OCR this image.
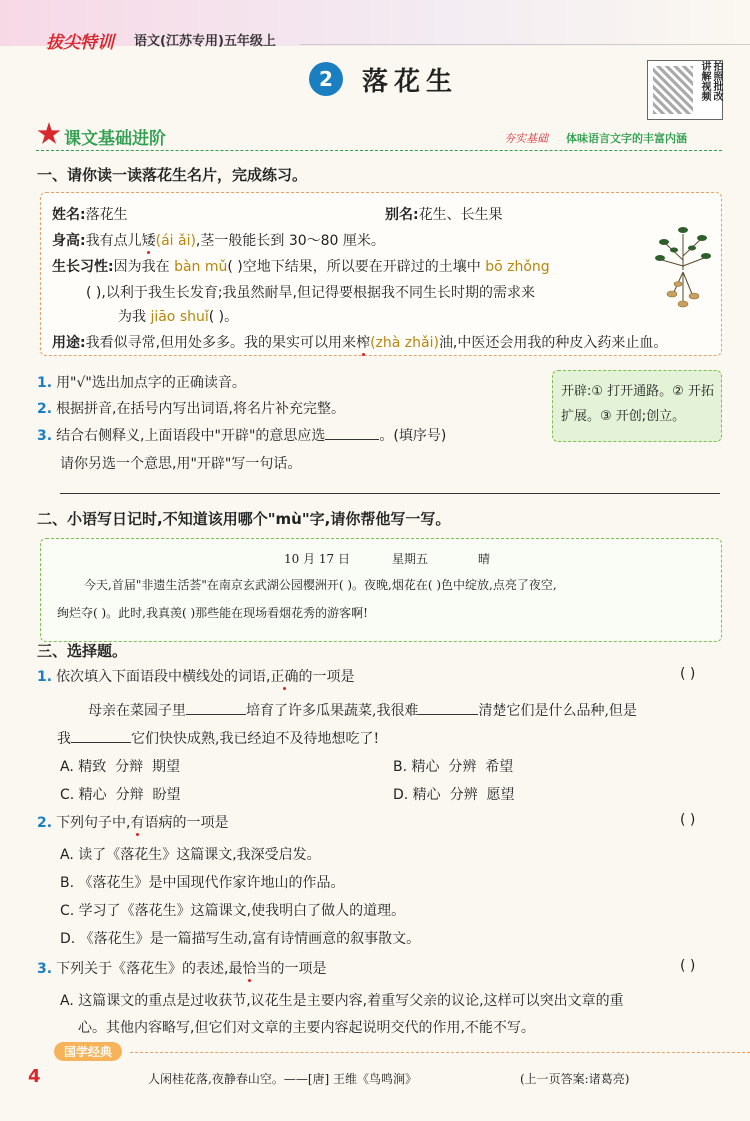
拔尖特训 语文(江苏专用)五年级上
2	落花生	讲解视频 拍照批改
课文基础进阶	夯实基础 体味语言文字的丰富内涵
一、请你读一读落花生名片，完成练习。
姓名:落花生	别名:花生、长生果
身高:我有点儿矮(ái ǎi),茎一般能长到 30～80 厘米。
生长习性:因为我在 bàn mǔ( )空地下结果，所以要在开辟过的土壤中 bō zhǒng
( ),以利于我生长发育;我虽然耐旱,但记得要根据我不同生长时期的需求来
为我 jiāo shuǐ( )。
用途:我看似寻常,但用处多多。我的果实可以用来榨(zhà zhǎi)油,中医还会用我的种皮入药来止血。
1. 用"√"选出加点字的正确读音。
2. 根据拼音,在括号内写出词语,将名片补充完整。
3. 结合右侧释义,上面语段中"开辟"的意思应选	。(填序号)
请你另选一个意思,用"开辟"写一句话。
开辟:① 打开通路。② 开拓扩展。③ 开创;创立。
二、小语写日记时,不知道该用哪个"mù"字,请你帮他写一写。
10 月 17 日	星期五	晴
今天,首届"非遗生活荟"在南京玄武湖公园樱洲开( )。夜晚,烟花在( )色中绽放,点亮了夜空,
绚烂夺( )。此时,我真羡( )那些能在现场看烟花秀的游客啊!
三、选择题。
1. 依次填入下面语段中横线处的词语,正确的一项是	( )
母亲在菜园子里	培育了许多瓜果蔬菜,我很难	清楚它们是什么品种,但是
我	它们快快成熟,我已经迫不及待地想吃了!
A. 精致  分辩  期望	B. 精心  分辨  希望
C. 精心  分辩  盼望	D. 精心  分辨  愿望
2. 下列句子中,有语病的一项是	( )
A. 读了《落花生》这篇课文,我深受启发。
B. 《落花生》是中国现代作家许地山的作品。
C. 学习了《落花生》这篇课文,使我明白了做人的道理。
D. 《落花生》是一篇描写生动,富有诗情画意的叙事散文。
3. 下列关于《落花生》的表述,最恰当的一项是	( )
A. 这篇课文的重点是过收获节,议花生是主要内容,着重写父亲的议论,这样可以突出文章的重
心。其他内容略写,但它们对文章的主要内容起说明交代的作用,不能不写。
国学经典
4	人闲桂花落,夜静春山空。——[唐] 王维《鸟鸣涧》	(上一页答案:诸葛亮)
